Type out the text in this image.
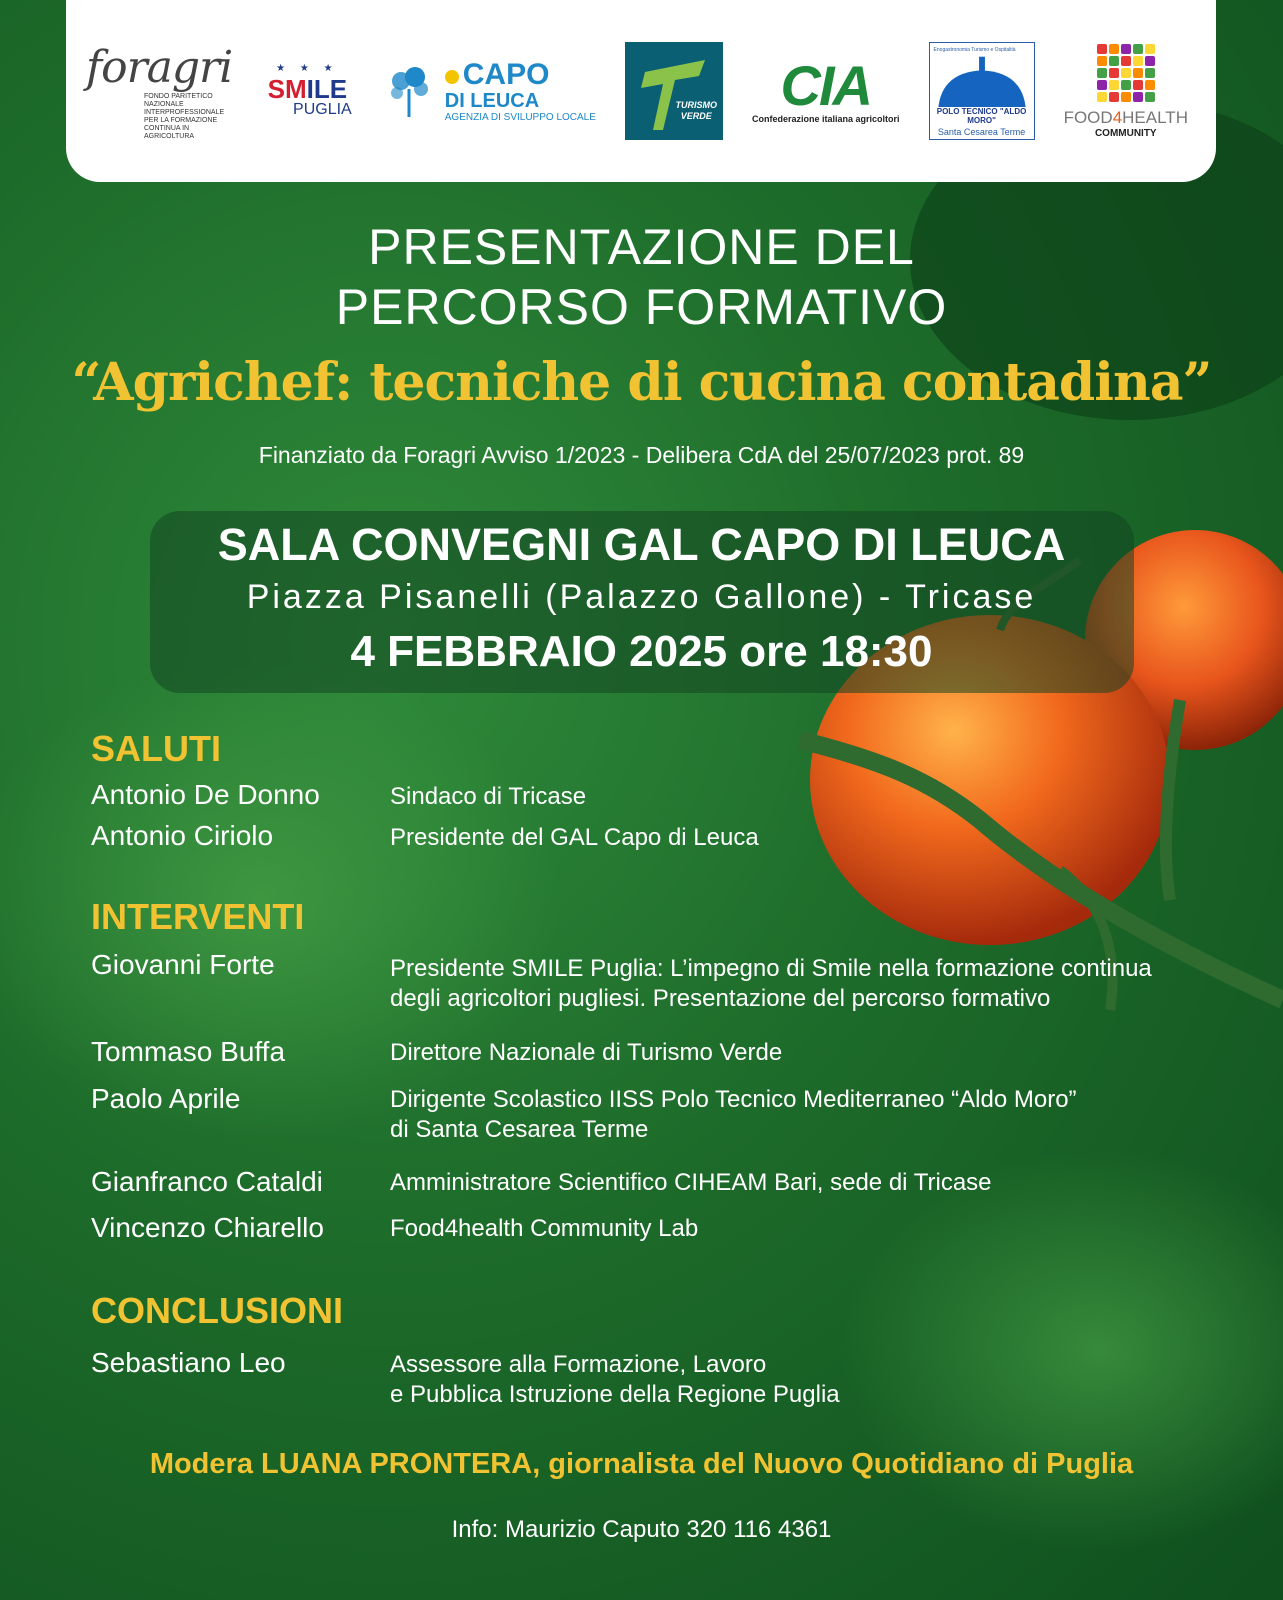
foragri
FONDO PARITETICO NAZIONALE INTERPROFESSIONALE PER LA FORMAZIONE CONTINUA IN AGRICOLTURA
★ ★ ★
SMILE
PUGLIA
CAPO
DI LEUCA
AGENZIA DI SVILUPPO LOCALE
TURISMO
VERDE CIA
Confederazione italiana agricoltori
Enogastronomia Turismo e Ospitalità
POLO TECNICO "ALDO MORO"
Santa Cesarea Terme
FOOD4HEALTH
COMMUNITY
PRESENTAZIONE DEL
PERCORSO FORMATIVO
“Agrichef: tecniche di cucina contadina”
Finanziato da Foragri Avviso 1/2023 - Delibera CdA del 25/07/2023 prot. 89
SALA CONVEGNI GAL CAPO DI LEUCA
Piazza Pisanelli (Palazzo Gallone) - Tricase
4 FEBBRAIO 2025 ore 18:30
SALUTI
Antonio De Donno	Sindaco di Tricase
Antonio Ciriolo	Presidente del GAL Capo di Leuca
INTERVENTI
Giovanni Forte	Presidente SMILE Puglia: L’impegno di Smile nella formazione continua
degli agricoltori pugliesi. Presentazione del percorso formativo
Tommaso Buffa	Direttore Nazionale di Turismo Verde
Paolo Aprile	Dirigente Scolastico IISS Polo Tecnico Mediterraneo “Aldo Moro”
di Santa Cesarea Terme
Gianfranco Cataldi	Amministratore Scientifico CIHEAM Bari, sede di Tricase
Vincenzo Chiarello	Food4health Community Lab
CONCLUSIONI
Sebastiano Leo	Assessore alla Formazione, Lavoro
e Pubblica Istruzione della Regione Puglia
Modera LUANA PRONTERA, giornalista del Nuovo Quotidiano di Puglia
Info: Maurizio Caputo 320 116 4361
